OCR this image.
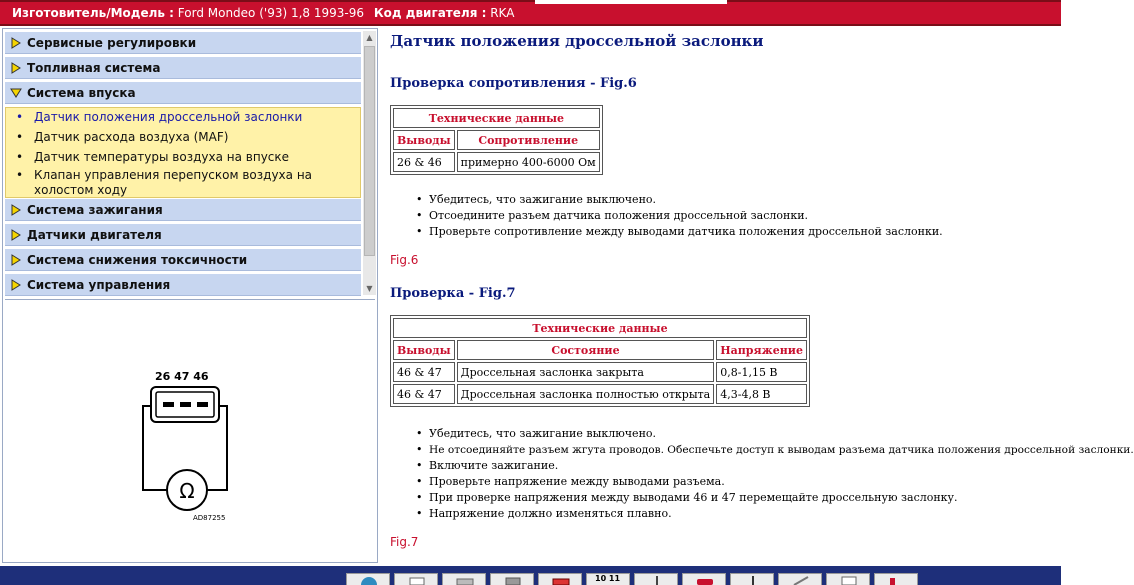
Изготовитель/Модель : Ford Mondeo ('93) 1,8 1993-96 Код двигателя : RKA
Сервисные регулировки
Топливная система
Система впуска
• Датчик положения дроссельной заслонки
• Датчик расхода воздуха (MAF)
• Датчик температуры воздуха на впуске
• Клапан управления перепуском воздуха на холостом ходу
Система зажигания
Датчики двигателя
Система снижения токсичности
Система управления
▲
▼
26 47 46
Ω
AD87255
Датчик положения дроссельной заслонки
Проверка сопротивления - Fig.6
Технические данные	
Выводы	Сопротивление
26 & 46	примерно 400-6000 Ом
• Убедитесь, что зажигание выключено.
• Отсоедините разъем датчика положения дроссельной заслонки.
• Проверьте сопротивление между выводами датчика положения дроссельной заслонки.
Fig.6
Проверка - Fig.7
Технические данные		
Выводы	Состояние	Напряжение
46 & 47	Дроссельная заслонка закрыта	0,8-1,15 В
46 & 47	Дроссельная заслонка полностью открыта	4,3-4,8 В
• Убедитесь, что зажигание выключено.
• Не отсоединяйте разъем жгута проводов. Обеспечьте доступ к выводам разъема датчика положения дроссельной заслонки.
• Включите зажигание.
• Проверьте напряжение между выводами разъема.
• При проверке напряжения между выводами 46 и 47 перемещайте дроссельную заслонку.
• Напряжение должно изменяться плавно.
Fig.7
10 11
